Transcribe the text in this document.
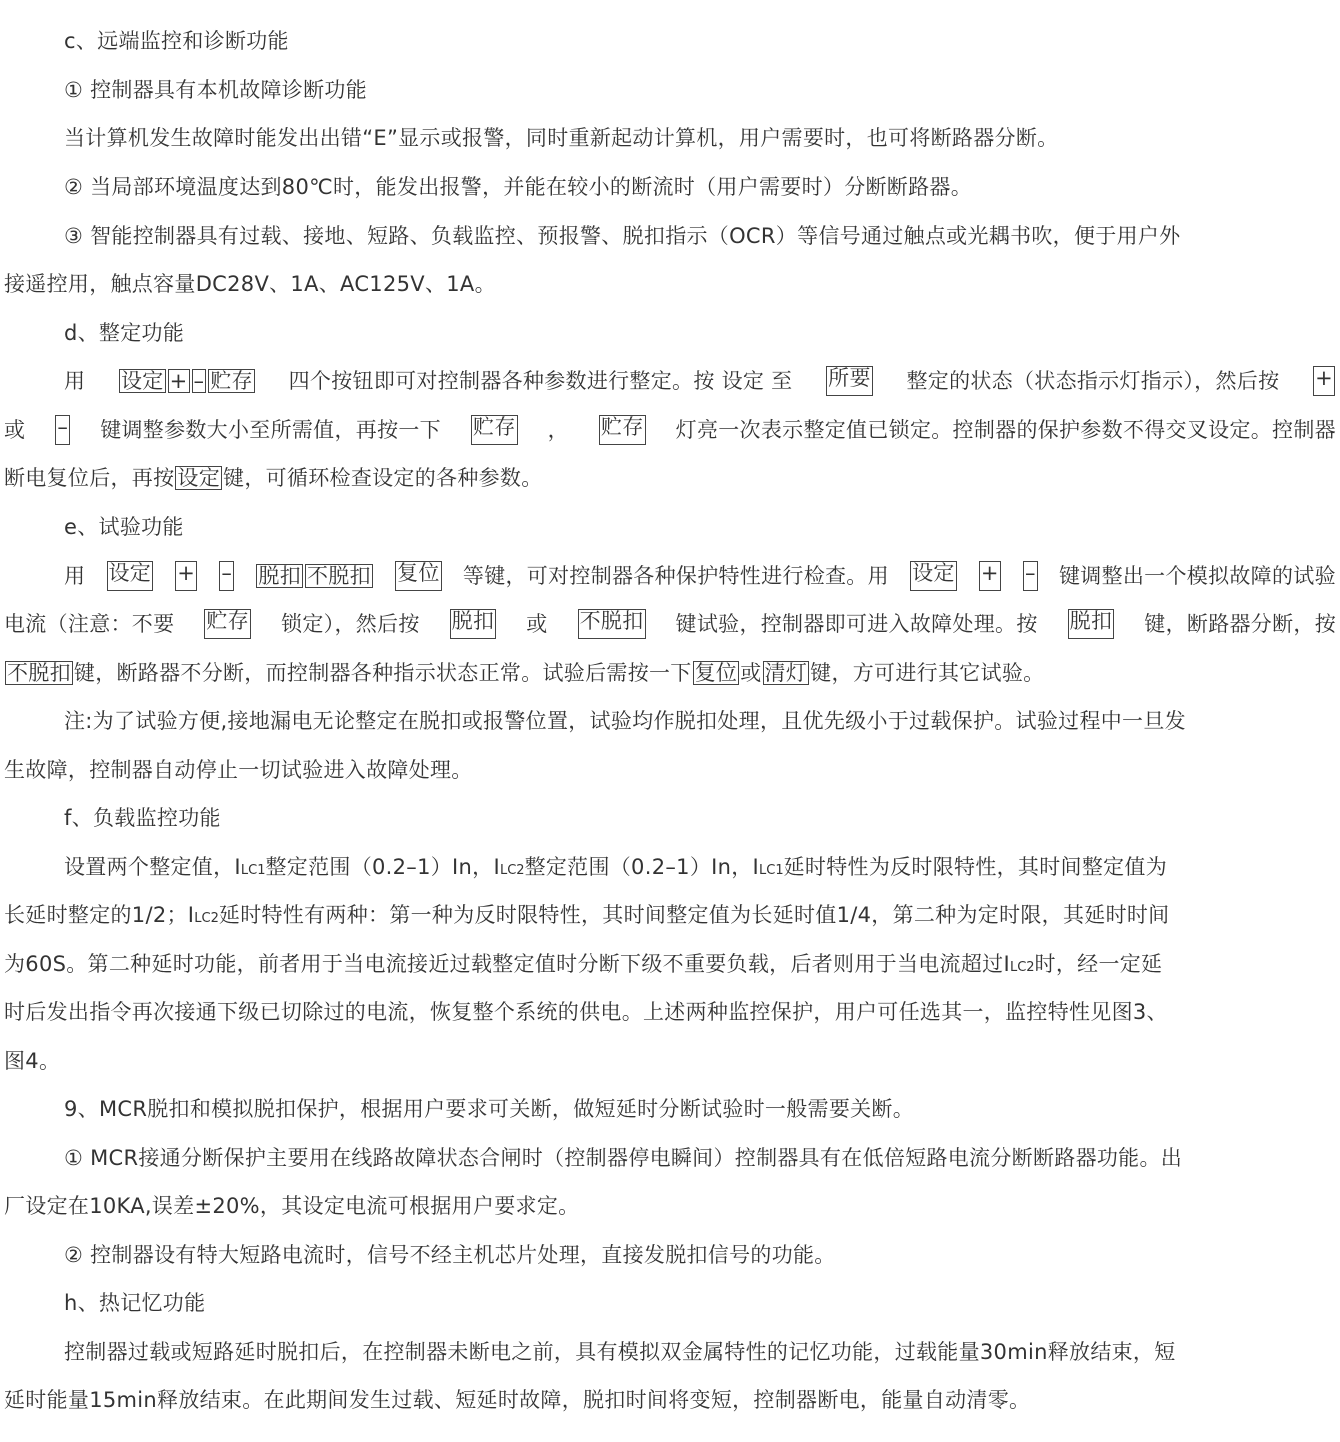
c、远端监控和诊断功能
① 控制器具有本机故障诊断功能
当计算机发生故障时能发出出错“E”显示或报警，同时重新起动计算机，用户需要时，也可将断路器分断。
② 当局部环境温度达到80℃时，能发出报警，并能在较小的断流时（用户需要时）分断断路器。
③ 智能控制器具有过载、接地、短路、负载监控、预报警、脱扣指示（OCR）等信号通过触点或光耦书吹，便于用户外
接遥控用，触点容量DC28V、1A、AC125V、1A。
d、整定功能
用 设定 + – 贮存 四个按钮即可对控制器各种参数进行整定。按 设定 至 所要 整定的状态（状态指示灯指示），然后按 +
或 – 键调整参数大小至所需值，再按一下 贮存 ， 贮存 灯亮一次表示整定值已锁定。控制器的保护参数不得交叉设定。控制器
断电复位后，再按 设定 键，可循环检查设定的各种参数。
e、试验功能
用 设定 + – 脱扣 不脱扣 复位 等键，可对控制器各种保护特性进行检查。用 设定 + – 键调整出一个模拟故障的试验
电流（注意：不要 贮存 锁定），然后按 脱扣 或 不脱扣 键试验，控制器即可进入故障处理。按 脱扣 键，断路器分断，按
不脱扣 键，断路器不分断，而控制器各种指示状态正常。试验后需按一下 复位 或 清灯 键，方可进行其它试验。
注:为了试验方便,接地漏电无论整定在脱扣或报警位置，试验均作脱扣处理，且优先级小于过载保护。试验过程中一旦发
生故障，控制器自动停止一切试验进入故障处理。
f、负载监控功能
设置两个整定值，ILC1整定范围（0.2–1）In，ILC2整定范围（0.2–1）In，ILC1延时特性为反时限特性，其时间整定值为
长延时整定的1/2；ILC2延时特性有两种：第一种为反时限特性，其时间整定值为长延时值1/4，第二种为定时限，其延时时间
为60S。第二种延时功能，前者用于当电流接近过载整定值时分断下级不重要负载，后者则用于当电流超过ILC2时，经一定延
时后发出指令再次接通下级已切除过的电流，恢复整个系统的供电。上述两种监控保护，用户可任选其一，监控特性见图3、
图4。
9、MCR脱扣和模拟脱扣保护，根据用户要求可关断，做短延时分断试验时一般需要关断。
① MCR接通分断保护主要用在线路故障状态合闸时（控制器停电瞬间）控制器具有在低倍短路电流分断断路器功能。出
厂设定在10KA,误差±20%，其设定电流可根据用户要求定。
② 控制器设有特大短路电流时，信号不经主机芯片处理，直接发脱扣信号的功能。
h、热记忆功能
控制器过载或短路延时脱扣后，在控制器未断电之前，具有模拟双金属特性的记忆功能，过载能量30min释放结束，短
延时能量15min释放结束。在此期间发生过载、短延时故障，脱扣时间将变短，控制器断电，能量自动清零。
